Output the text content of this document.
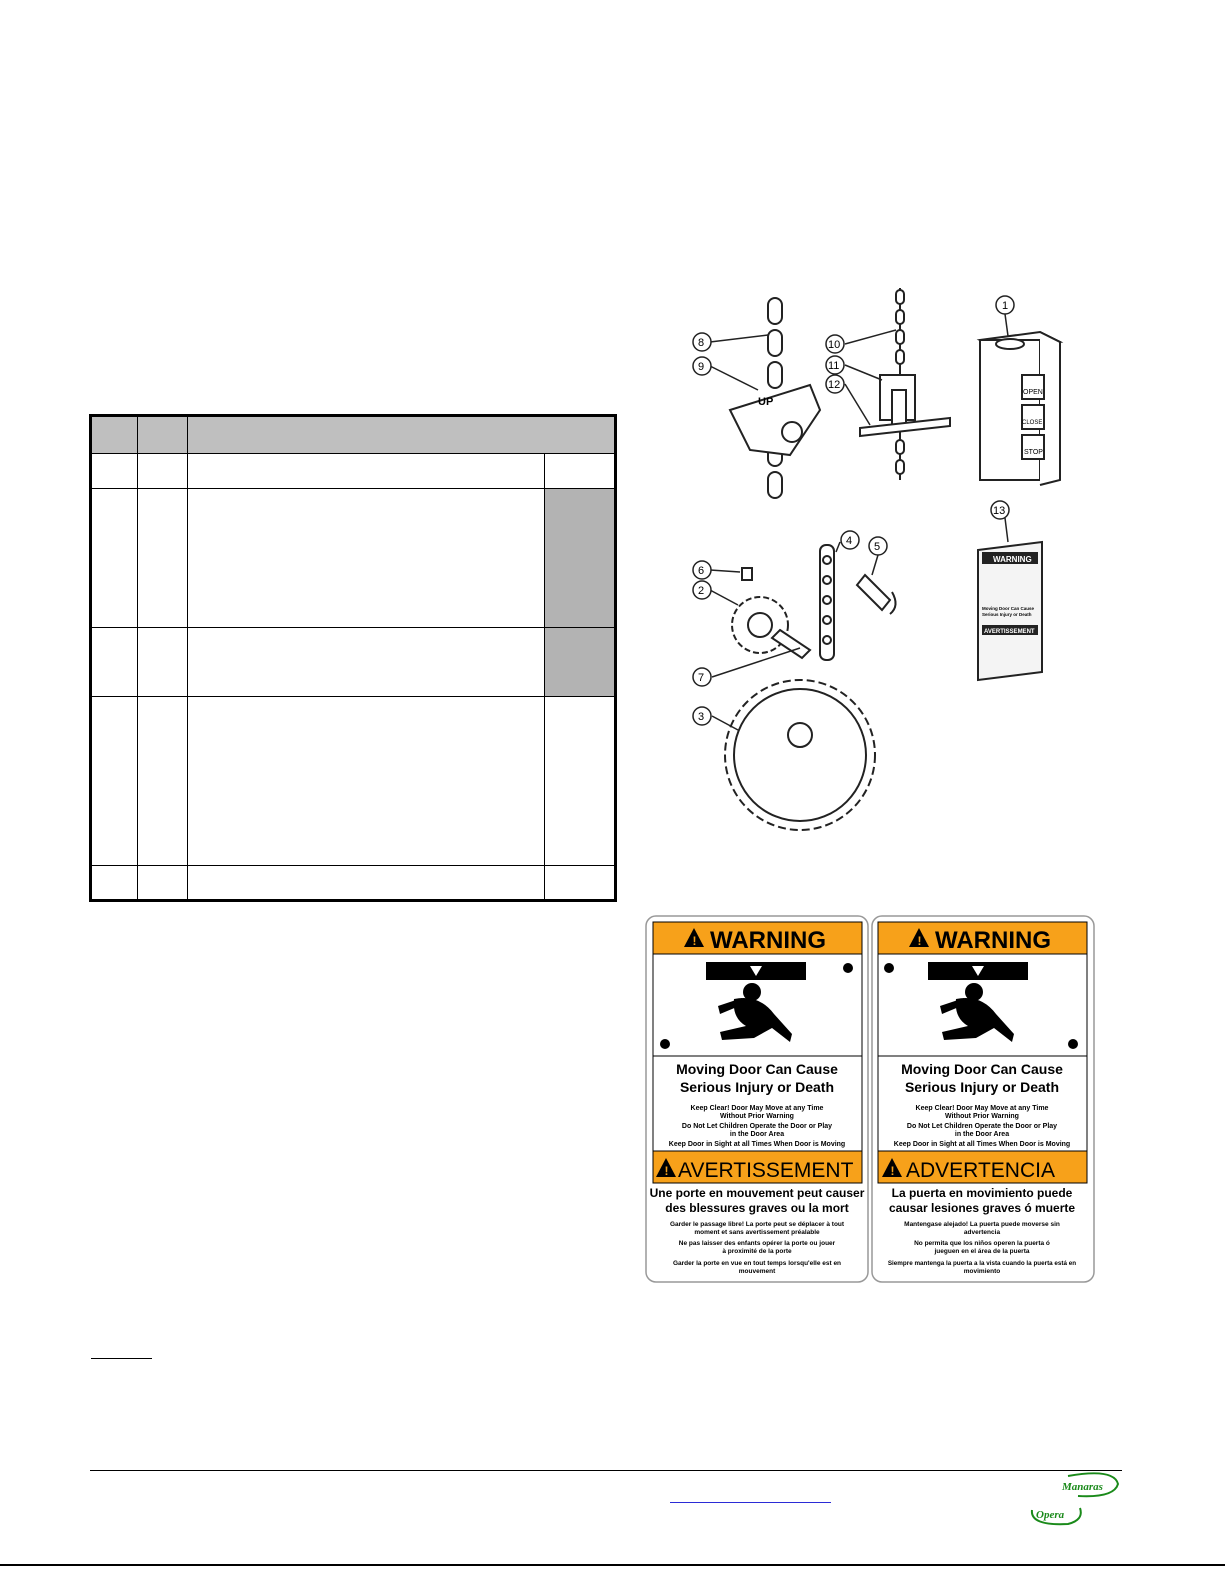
UP
OPEN
CLOSE
STOP
WARNING
Moving Door Can Cause
Serious Injury or Death
AVERTISSEMENT
8
9
10
11
12
1
13
6
2
4 5
7
3
! WARNING
Moving Door Can Cause
Serious Injury or Death
Keep Clear! Door May Move at any Time
Without Prior Warning
Do Not Let Children Operate the Door or Play
in the Door Area
Keep Door in Sight at all Times When Door is Moving
! AVERTISSEMENT
Une porte en mouvement peut causer
des blessures graves ou la mort
Garder le passage libre! La porte peut se déplacer à tout
moment et sans avertissement préalable
Ne pas laisser des enfants opérer la porte ou jouer
à proximité de la porte
Garder la porte en vue en tout temps lorsqu'elle est en
mouvement
! WARNING
Moving Door Can Cause
Serious Injury or Death
Keep Clear! Door May Move at any Time
Without Prior Warning
Do Not Let Children Operate the Door or Play
in the Door Area
Keep Door in Sight at all Times When Door is Moving
! ADVERTENCIA
La puerta en movimiento puede
causar lesiones graves ó muerte
Mantengase alejado! La puerta puede moverse sin
advertencia
No permita que los niños operen la puerta ó
jueguen en el área de la puerta
Siempre mantenga la puerta a la vista cuando la puerta está en
movimiento
Manaras
Opera
